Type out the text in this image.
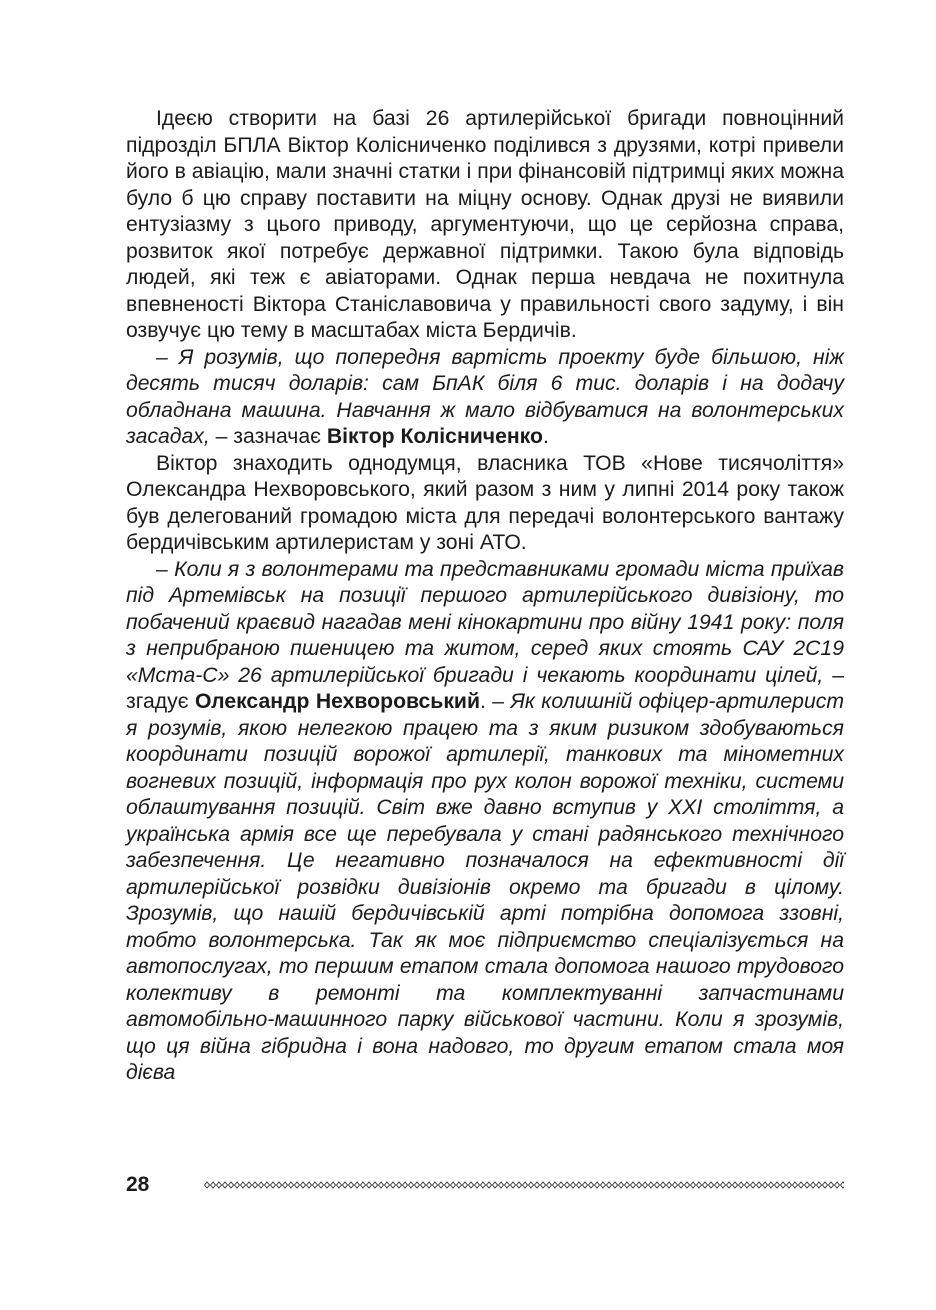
Ідеєю створити на базі 26 артилерійської бригади повноцінний підрозділ БПЛА Віктор Колісниченко поділився з друзями, котрі привели його в авіацію, мали значні статки і при фінансовій підтримці яких можна було б цю справу поставити на міцну основу. Однак друзі не виявили ентузіазму з цього приводу, аргументуючи, що це серйозна справа, розвиток якої потребує державної підтримки. Такою була відповідь людей, які теж є авіаторами. Однак перша невдача не похитнула впевненості Віктора Станіславовича у правильності свого задуму, і він озвучує цю тему в масштабах міста Бердичів.

– Я розумів, що попередня вартість проекту буде більшою, ніж десять тисяч доларів: сам БпАК біля 6 тис. доларів і на додачу обладнана машина. Навчання ж мало відбуватися на волонтерських засадах, – зазначає Віктор Колісниченко.

Віктор знаходить однодумця, власника ТОВ «Нове тисячоліття» Олександра Нехворовського, який разом з ним у липні 2014 року також був делегований громадою міста для передачі волонтерського вантажу бердичівським артилеристам у зоні АТО.

– Коли я з волонтерами та представниками громади міста приїхав під Артемівськ на позиції першого артилерійського дивізіону, то побачений краєвид нагадав мені кінокартини про війну 1941 року: поля з неприбраною пшеницею та житом, серед яких стоять САУ 2С19 «Мста-С» 26 артилерійської бригади і чекають координати цілей, – згадує Олександр Нехворовський. – Як колишній офіцер-артилерист я розумів, якою нелегкою працею та з яким ризиком здобуваються координати позицій ворожої артилерії, танкових та мінометних вогневих позицій, інформація про рух колон ворожої техніки, системи облаштування позицій. Світ вже давно вступив у XXI століття, а українська армія все ще перебувала у стані радянського технічного забезпечення. Це негативно позначалося на ефективності дії артилерійської розвідки дивізіонів окремо та бригади в цілому. Зрозумів, що нашій бердичівській арті потрібна допомога ззовні, тобто волонтерська. Так як моє підприємство спеціалізується на автопослугах, то першим етапом стала допомога нашого трудового колективу в ремонті та комплектуванні запчастинами автомобільно-машинного парку військової частини. Коли я зрозумів, що ця війна гібридна і вона надовго, то другим етапом стала моя дієва

28
